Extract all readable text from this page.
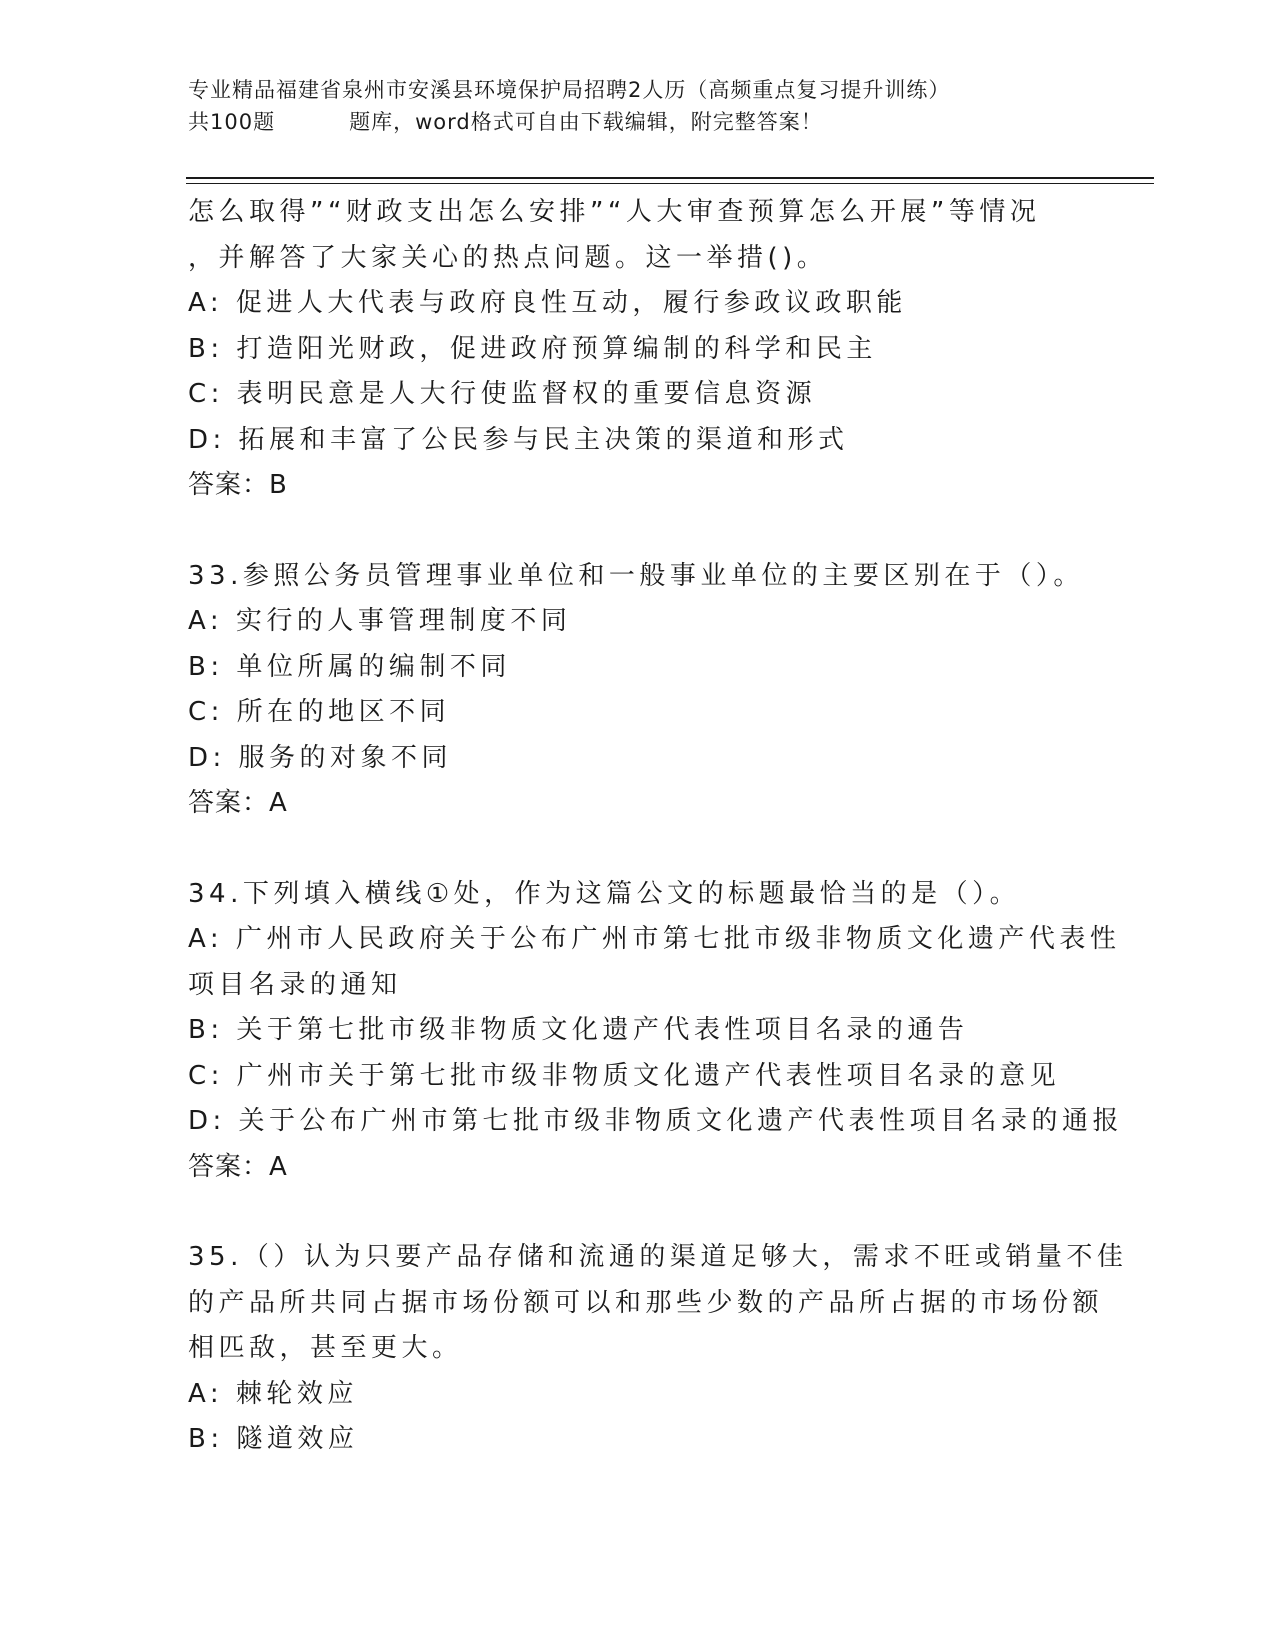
专业精品福建省泉州市安溪县环境保护局招聘2人历（高频重点复习提升训练）
共100题	题库，word格式可自由下载编辑，附完整答案！
怎么取得”“财政支出怎么安排”“人大审查预算怎么开展”等情况
，并解答了大家关心的热点问题。这一举措()。
A: 促进人大代表与政府良性互动，履行参政议政职能
B: 打造阳光财政，促进政府预算编制的科学和民主
C: 表明民意是人大行使监督权的重要信息资源
D: 拓展和丰富了公民参与民主决策的渠道和形式
答案：B
33.参照公务员管理事业单位和一般事业单位的主要区别在于（）。
A: 实行的人事管理制度不同
B: 单位所属的编制不同
C: 所在的地区不同
D: 服务的对象不同
答案：A
34.下列填入横线①处，作为这篇公文的标题最恰当的是（）。
A: 广州市人民政府关于公布广州市第七批市级非物质文化遗产代表性
项目名录的通知
B: 关于第七批市级非物质文化遗产代表性项目名录的通告
C: 广州市关于第七批市级非物质文化遗产代表性项目名录的意见
D: 关于公布广州市第七批市级非物质文化遗产代表性项目名录的通报
答案：A
35.（）认为只要产品存储和流通的渠道足够大，需求不旺或销量不佳
的产品所共同占据市场份额可以和那些少数的产品所占据的市场份额
相匹敌，甚至更大。
A: 棘轮效应
B: 隧道效应
